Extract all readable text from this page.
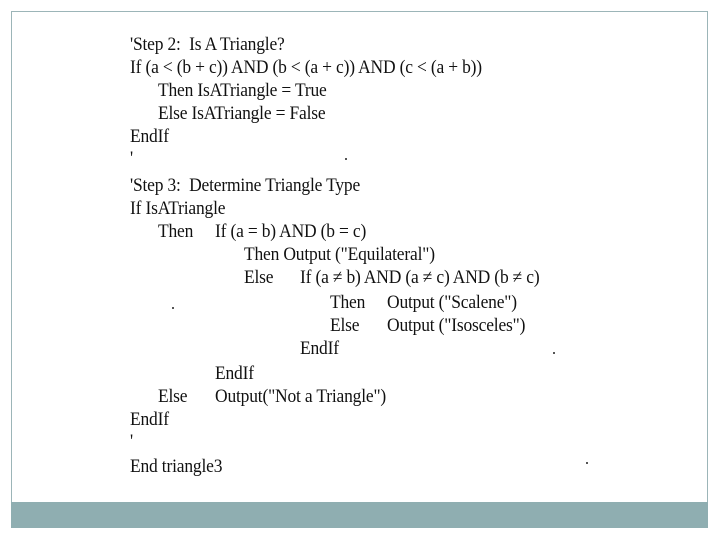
'Step 2:  Is A Triangle?
If (a < (b + c)) AND (b < (a + c)) AND (c < (a + b))
Then IsATriangle = True
Else IsATriangle = False
EndIf
'
'Step 3:  Determine Triangle Type
If IsATriangle
Then If (a = b) AND (b = c)
Then Output ("Equilateral")
Else If (a ≠ b) AND (a ≠ c) AND (b ≠ c)
Then Output ("Scalene")
Else Output ("Isosceles")
EndIf
EndIf
Else Output("Not a Triangle")
EndIf
'
End triangle3
